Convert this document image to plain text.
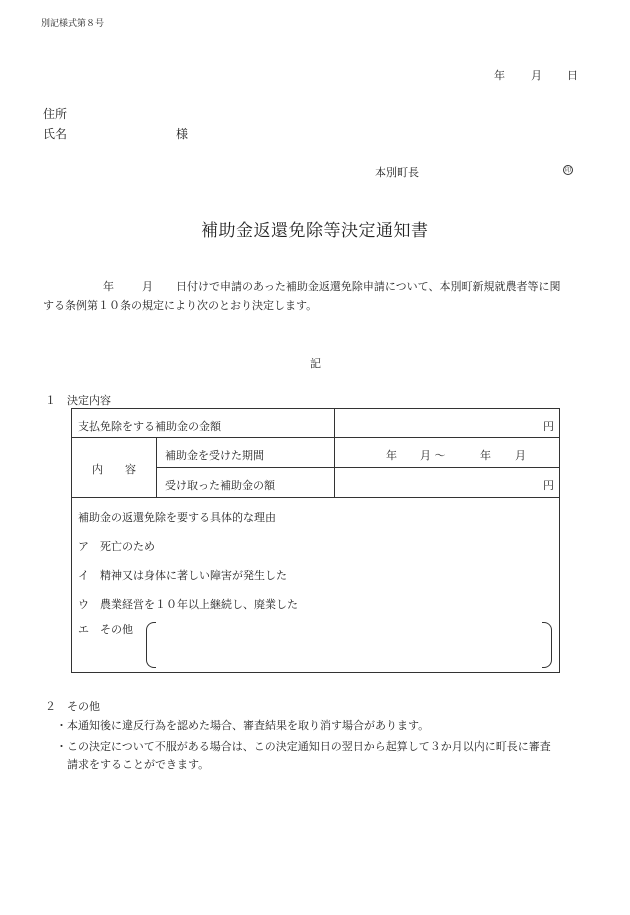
別記様式第８号
年 月 日
住所
氏名	様
本別町長	印
補助金返還免除等決定通知書
年	月 日付けで申請のあった補助金返還免除申請について、本別町新規就農者等に関
する条例第１０条の規定により次のとおり決定します。
記
１　決定内容
支払免除をする補助金の金額	円
内　　容
補助金を受けた期間	年 月 ～	年 月
受け取った補助金の額	円
補助金の返還免除を要する具体的な理由
ア　死亡のため
イ　精神又は身体に著しい障害が発生した
ウ　農業経営を１０年以上継続し、廃業した
エ　その他
２　その他
・本通知後に違反行為を認めた場合、審査結果を取り消す場合があります。
・この決定について不服がある場合は、この決定通知日の翌日から起算して３か月以内に町長に審査
請求をすることができます。
